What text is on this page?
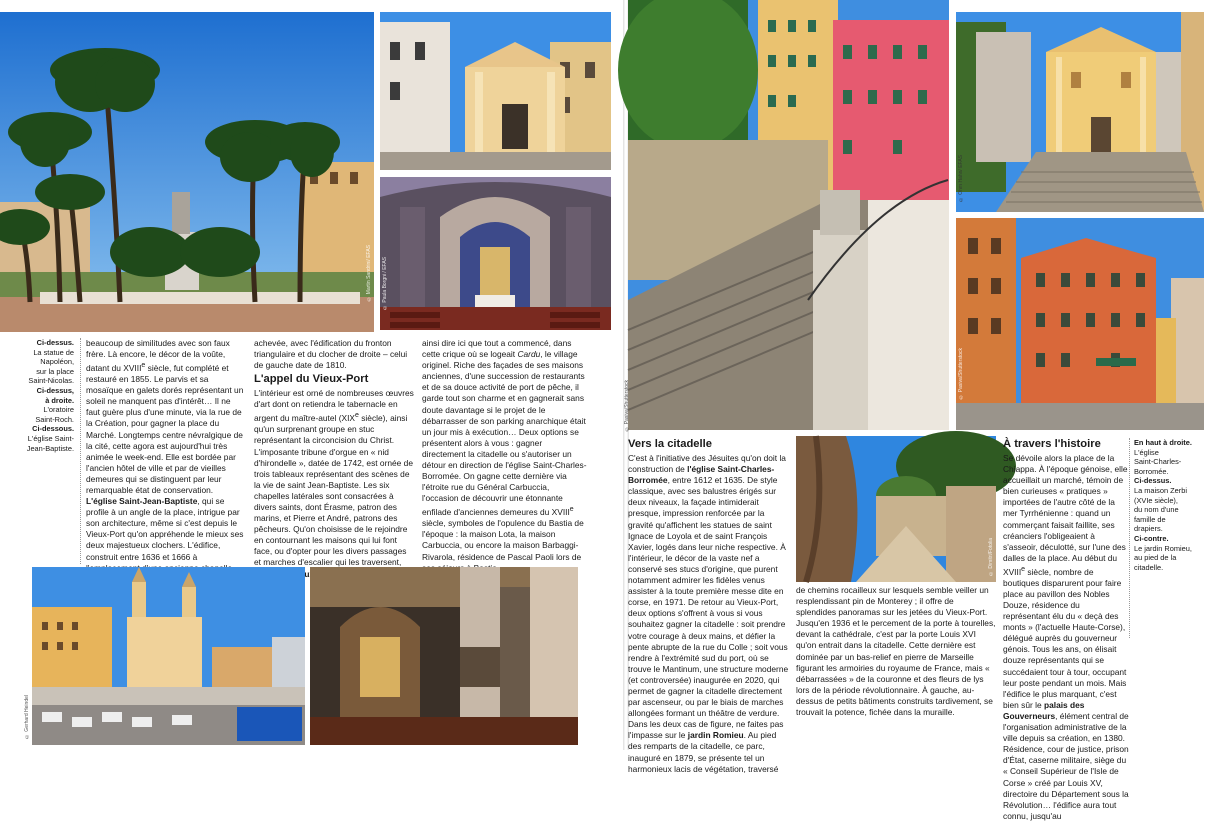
© Martin Sandrini/ EFAS © Paula Borgni / EFAS
Ci-dessus.
La statue de
Napoléon,
sur la place
Saint-Nicolas.
Ci-dessus,
à droite.
L'oratoire
Saint-Roch.
Ci-dessous.
L'église Saint-
Jean-Baptiste.

beaucoup de similitudes avec son faux frère. Là encore, le décor de la voûte, datant du XVIIIe siècle, fut complété et restauré en 1855. Le parvis et sa mosaïque en galets dorés représentant un soleil ne manquent pas d'intérêt… Il ne faut guère plus d'une minute, via la rue de la Création, pour gagner la place du Marché. Longtemps centre névralgique de la cité, cette agora est aujourd'hui très animée le week-end. Elle est bordée par l'ancien hôtel de ville et par de vieilles demeures qui se distinguent par leur remarquable état de conservation. L'église Saint-Jean-Baptiste, qui se profile à un angle de la place, intrigue par son architecture, même si c'est depuis le Vieux-Port qu'on appréhende le mieux ses deux majestueux clochers. L'édifice, construit entre 1636 et 1666 à

achevée, avec l'édification du fronton triangulaire et du clocher de droite – celui de gauche date de 1810.

L'appel du Vieux-Port

L'intérieur est orné de nombreuses œuvres d'art dont on retiendra le tabernacle en argent du maître-autel (XIXe siècle), ainsi qu'un surprenant groupe en stuc représentant la circoncision du Christ. L'imposante tribune d'orgue en « nid d'hirondelle », datée de 1742, est ornée de trois tableaux représentant des scènes de la vie de saint Jean-Baptiste. Les six chapelles latérales sont consacrées à divers saints, dont Érasme, patron des marins, et Pierre et André, patrons des pêcheurs. Qu'on choisisse de le rejoindre en contournant les maisons qui lui font face, ou d'opter pour les divers passages et marches d'escalier qui les traversent,

ainsi dire ici que tout a commencé, dans cette crique où se logeait Cardu, le village originel. Riche des façades de ses maisons anciennes, d'une succession de restaurants et de sa douce activité de port de pêche, il garde tout son charme et en gagnerait sans doute davantage si le projet de le débarrasser de son parking anarchique était un jour mis à exécution… Deux options se présentent alors à vous : gagner directement la citadelle ou s'autoriser un détour en direction de l'église Saint-Charles-Borromée. On gagne cette dernière via l'étroite rue du Général Carbuccia, l'occasion de découvrir une étonnante enfilade d'anciennes demeures du XVIIIe siècle, symboles de l'opulence du Bastia de l'époque : la maison Lota, la maison Carbuccia, ou encore la maison Barbaggi-Rivarola, résidence de Pascal Paoli lors de

© Gerhard Heindel
© Pasiva/Shutterstock
© Ohm Hahn/ EFAS
© Pasiva/Shutterstock
En haut à droite.
L'église
Saint-Charles-
Borromée.
Ci-dessus.
La maison Zerbi
(XVIe siècle),
du nom d'une
famille de
drapiers.
Ci-contre.
Le jardin Romieu,
au pied de la
citadelle.
Vers la citadelle

C'est à l'initiative des Jésuites qu'on doit la construction de l'église Saint-Charles-Borromée, entre 1612 et 1635. De style classique, avec ses balustres érigés sur deux niveaux, la façade intimiderait presque, impression renforcée par la gravité qu'affichent les statues de saint Ignace de Loyola et de saint François Xavier, logés dans leur niche respective. À l'intérieur, le décor de la vaste nef a conservé ses stucs d'origine, que purent notamment admirer les fidèles venus assister à la toute première messe dite en corse, en 1971. De retour au Vieux-Port, deux options s'offrent à vous si vous souhaitez gagner la citadelle : soit prendre votre courage à deux mains, et défier la pente abrupte de la rue du Colle ; soit vous rendre à l'extrémité sud du port, où se trouve le Mantinum, une structure moderne (et controversée) inaugurée en 2020, qui permet de gagner la citadelle directement par ascenseur, ou par le biais de marches allongées formant un théâtre de verdure. Dans les deux cas de figure, ne faites pas l'impasse sur le jardin Romieu. Au pied des remparts de la citadelle, ce parc, inauguré en 1879, se présente tel un harmonieux lacis de végétation, traversé

© Dimitri/Fotolia

de chemins rocailleux sur lesquels semble veiller un resplendissant pin de Monterey ; il offre de splendides panoramas sur les jetées du Vieux-Port. Jusqu'en 1936 et le percement de la porte à tourelles, devant la cathédrale, c'est par la porte Louis XVI qu'on entrait dans la citadelle. Cette dernière est dominée par un bas-relief en pierre de Marseille figurant les armoiries du royaume de France, mais « débarrassées » de la couronne et des fleurs de lys lors de la période révolutionnaire. À gauche, au-dessus de petits bâtiments construits tardivement, se trouvait la potence, fichée dans la muraille.

À travers l'histoire

Se dévoile alors la place de la Chiappa. À l'époque génoise, elle accueillait un marché, témoin de bien curieuses « pratiques » importées de l'autre côté de la mer Tyrrhénienne : quand un commerçant faisait faillite, ses créanciers l'obligeaient à s'asseoir, déculotté, sur l'une des dalles de la place. Au début du XVIIIe siècle, nombre de boutiques disparurent pour faire place au pavillon des Nobles Douze, résidence du représentant élu du « deçà des monts » (l'actuelle Haute-Corse), délégué auprès du gouverneur génois. Tous les ans, on élisait douze représentants qui se succédaient tour à tour, occupant leur poste pendant un mois. Mais l'édifice le plus marquant, c'est bien sûr le palais des Gouverneurs, élément central de l'organisation administrative de la ville depuis sa création, en 1380. Résidence, cour de justice, prison d'État, caserne militaire, siège du « Conseil Supérieur de l'Isle de Corse » créé par Louis XV, directoire du Département sous la Révolution… l'édifice aura tout connu, jusqu'au
